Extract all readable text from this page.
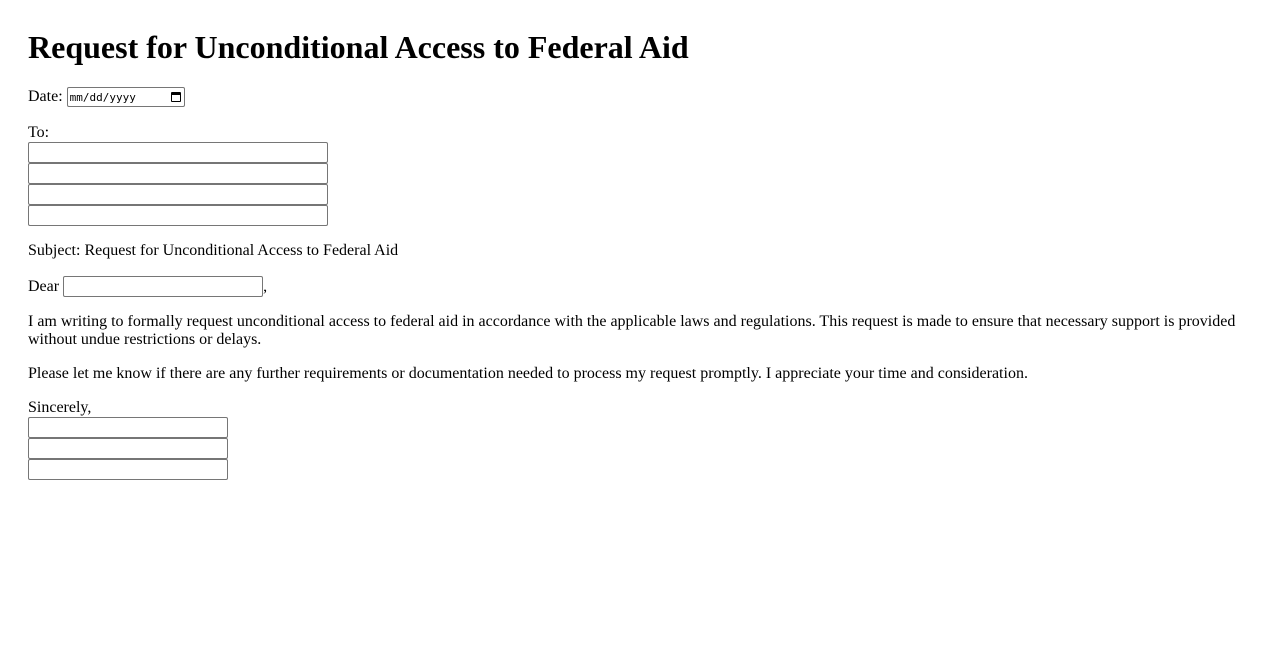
Request for Unconditional Access to Federal Aid
Date: mm/dd/yyyy
To:
Subject: Request for Unconditional Access to Federal Aid
Dear	,
I am writing to formally request unconditional access to federal aid in accordance with the applicable laws and regulations. This request is made to ensure that necessary support is provided without undue restrictions or delays.
Please let me know if there are any further requirements or documentation needed to process my request promptly. I appreciate your time and consideration.
Sincerely,
